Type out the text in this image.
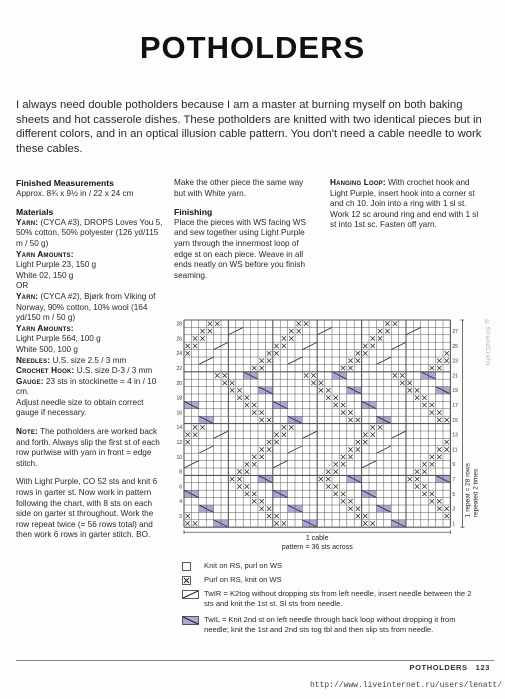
POTHOLDERS
I always need double potholders because I am a master at burning myself on both baking sheets and hot casserole dishes. These potholders are knitted with two identical pieces but in different colors, and in an optical illusion cable pattern. You don't need a cable needle to work these cables.
Finished Measurements
Approx. 8¾ x 9½ in / 22 x 24 cm
Materials
Yarn: (CYCA #3), DROPS Loves You 5, 50% cotton, 50% polyester (126 yd/115 m / 50 g)
Yarn Amounts:
Light Purple 23, 150 g
White 02, 150 g
OR
Yarn: (CYCA #2), Bjørk from Viking of Norway, 90% cotton, 10% wool (164 yd/150 m / 50 g)
Yarn Amounts:
Light Purple 564, 100 g
White 500, 100 g
Needles: U.S. size 2.5 / 3 mm
Crochet Hook: U.S. size D-3 / 3 mm
Gauge: 23 sts in stockinette = 4 in / 10 cm.
Adjust needle size to obtain correct gauge if necessary.
Note: The potholders are worked back and forth. Always slip the first st of each row purlwise with yarn in front = edge stitch.
With Light Purple, CO 52 sts and knit 6 rows in garter st. Now work in pattern following the chart, with 8 sts on each side on garter st throughout. Work the row repeat twice (= 56 rows total) and then work 6 rows in garter stitch. BO.
Make the other piece the same way but with White yarn.
Finishing
Place the pieces with WS facing WS and sew together using Light Purple yarn through the innermost loop of edge st on each piece. Weave in all ends neatly on WS before you finish seaming.
Hanging Loop: With crochet hook and Light Purple, insert hook into a corner st and ch 10. Join into a ring with 1 sl st. Work 12 sc around ring and end with 1 sl st into 1st sc. Fasten off yarn.
2
4
6
8
10
12
14
16
18
20
22
24
26
28
1
3
5
7
9
11
13
15
17
19
21
23
25
27
1 repeat = 28 rows repeated 2 times
1 cable
pattern = 36 sts across
Knit on RS, purl on WS
Purl on RS, knit on WS
TwIR = K2tog without dropping sts from left needle, insert needle between the 2 sts and knit the 1st st. Sl sts from needle.
TwIL = Knit 2nd st on left needle through back loop without dropping it from needle; knit the 1st and 2nd sts tog tbl and then slip sts from needle.
POTHOLDERS 123
http://www.liveinternet.ru/users/lenatt/
©StrandCrafts
